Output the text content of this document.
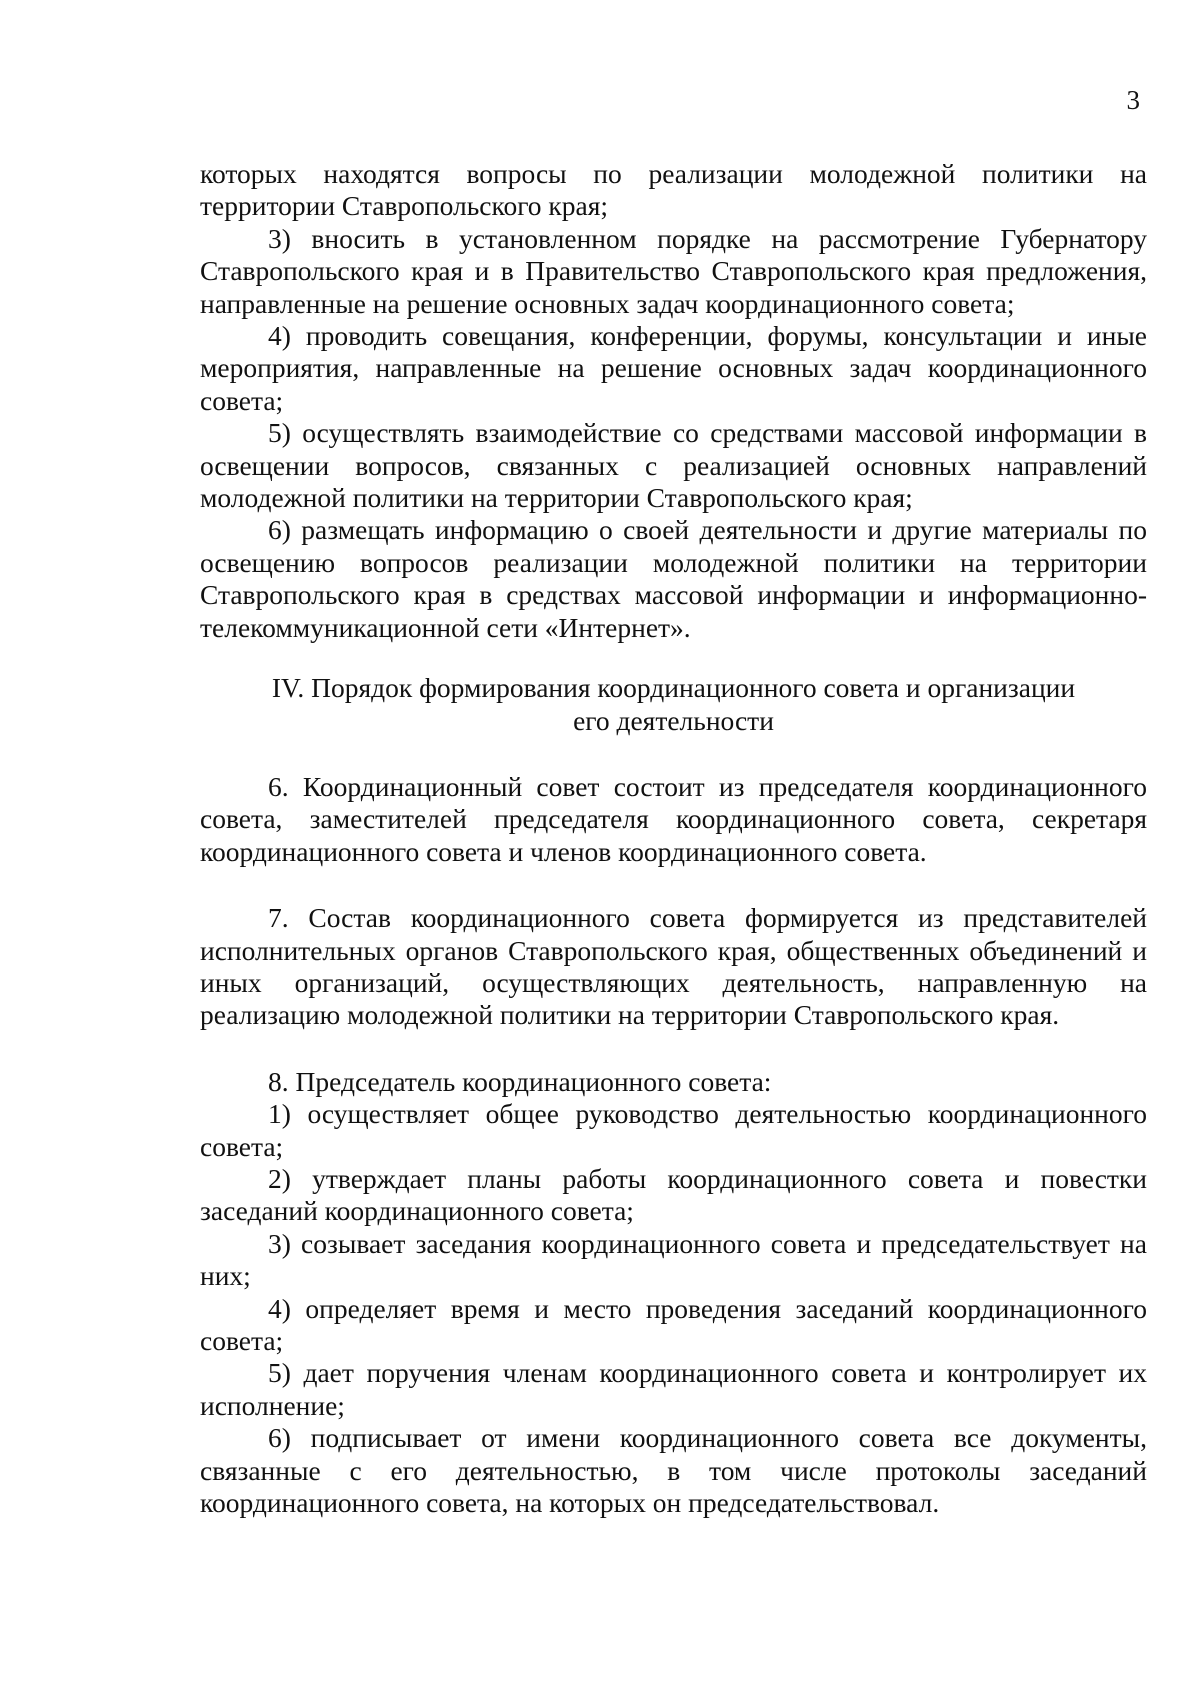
3

которых находятся вопросы по реализации молодежной политики на территории Ставропольского края;

3) вносить в установленном порядке на рассмотрение Губернатору Ставропольского края и в Правительство Ставропольского края предложения, направленные на решение основных задач координационного совета;

4) проводить совещания, конференции, форумы, консультации и иные мероприятия, направленные на решение основных задач координационного совета;

5) осуществлять взаимодействие со средствами массовой информации в освещении вопросов, связанных с реализацией основных направлений молодежной политики на территории Ставропольского края;

6) размещать информацию о своей деятельности и другие материалы по освещению вопросов реализации молодежной политики на территории Ставропольского края в средствах массовой информации и информационно-телекоммуникационной сети «Интернет».

IV. Порядок формирования координационного совета и организации
его деятельности

6. Координационный совет состоит из председателя координационного совета, заместителей председателя координационного совета, секретаря координационного совета и членов координационного совета.

7. Состав координационного совета формируется из представителей исполнительных органов Ставропольского края, общественных объединений и иных организаций, осуществляющих деятельность, направленную на реализацию молодежной политики на территории Ставропольского края.

8. Председатель координационного совета:

1) осуществляет общее руководство деятельностью координационного совета;

2) утверждает планы работы координационного совета и повестки заседаний координационного совета;

3) созывает заседания координационного совета и председательствует на них;

4) определяет время и место проведения заседаний координационного совета;

5) дает поручения членам координационного совета и контролирует их исполнение;

6) подписывает от имени координационного совета все документы, связанные с его деятельностью, в том числе протоколы заседаний координационного совета, на которых он председательствовал.
